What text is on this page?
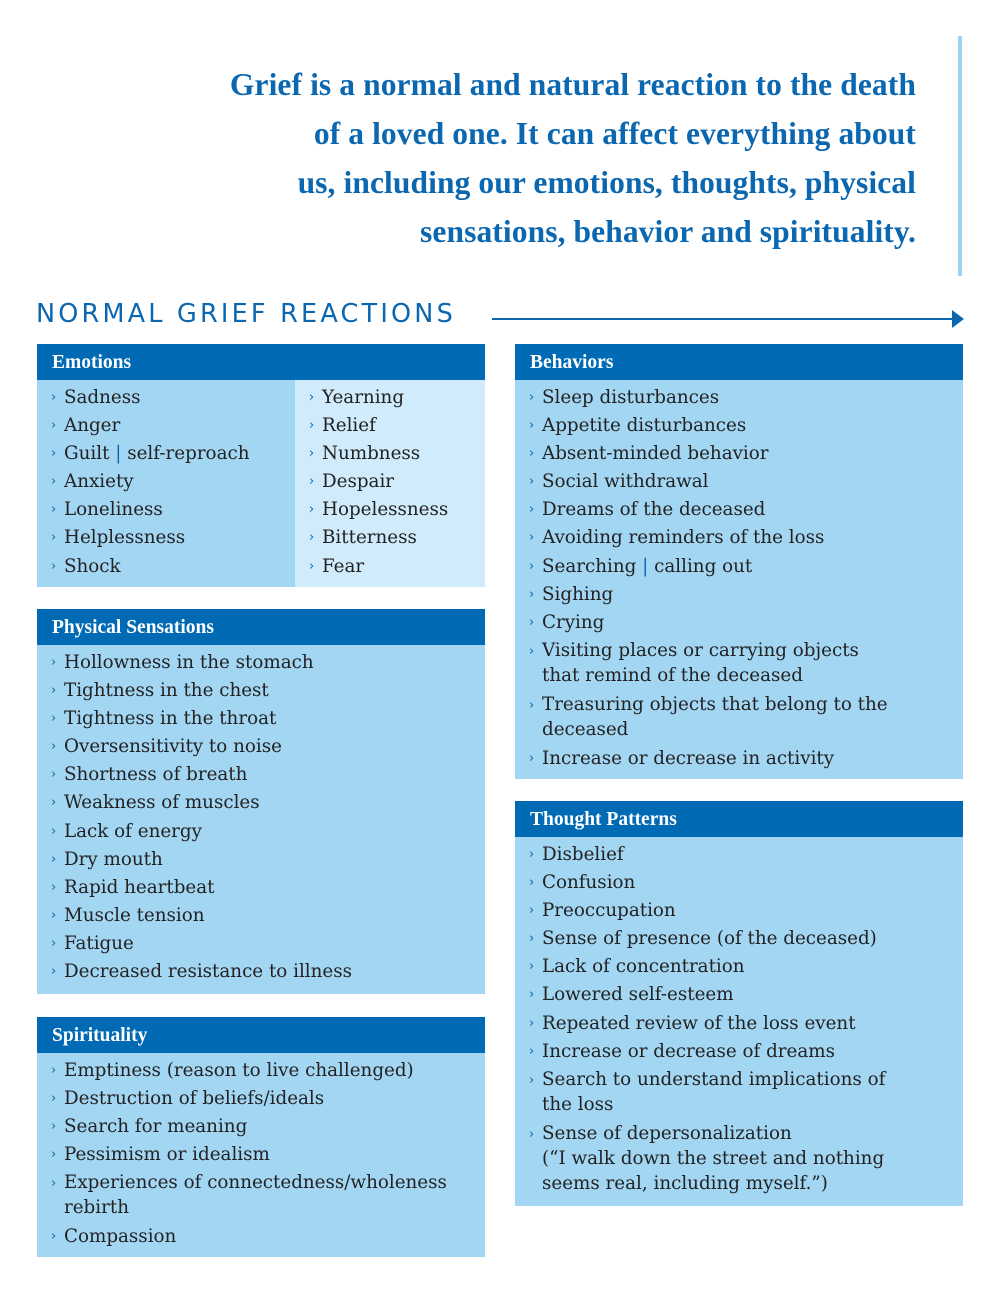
Grief is a normal and natural reaction to the death
of a loved one. It can affect everything about
us, including our emotions, thoughts, physical
sensations, behavior and spirituality.
NORMAL GRIEF REACTIONS
Emotions
› Sadness
› Anger
› Guilt | self-reproach
› Anxiety
› Loneliness
› Helplessness
› Shock
› Yearning
› Relief
› Numbness
› Despair
› Hopelessness
› Bitterness
› Fear
Physical Sensations
› Hollowness in the stomach
› Tightness in the chest
› Tightness in the throat
› Oversensitivity to noise
› Shortness of breath
› Weakness of muscles
› Lack of energy
› Dry mouth
› Rapid heartbeat
› Muscle tension
› Fatigue
› Decreased resistance to illness
Spirituality
› Emptiness (reason to live challenged)
› Destruction of beliefs/ideals
› Search for meaning
› Pessimism or idealism
› Experiences of connectedness/wholeness
rebirth
› Compassion
Behaviors
› Sleep disturbances
› Appetite disturbances
› Absent-minded behavior
› Social withdrawal
› Dreams of the deceased
› Avoiding reminders of the loss
› Searching | calling out
› Sighing
› Crying
› Visiting places or carrying objects
that remind of the deceased
› Treasuring objects that belong to the
deceased
› Increase or decrease in activity
Thought Patterns
› Disbelief
› Confusion
› Preoccupation
› Sense of presence (of the deceased)
› Lack of concentration
› Lowered self-esteem
› Repeated review of the loss event
› Increase or decrease of dreams
› Search to understand implications of
the loss
› Sense of depersonalization
(“I walk down the street and nothing
seems real, including myself.”)
